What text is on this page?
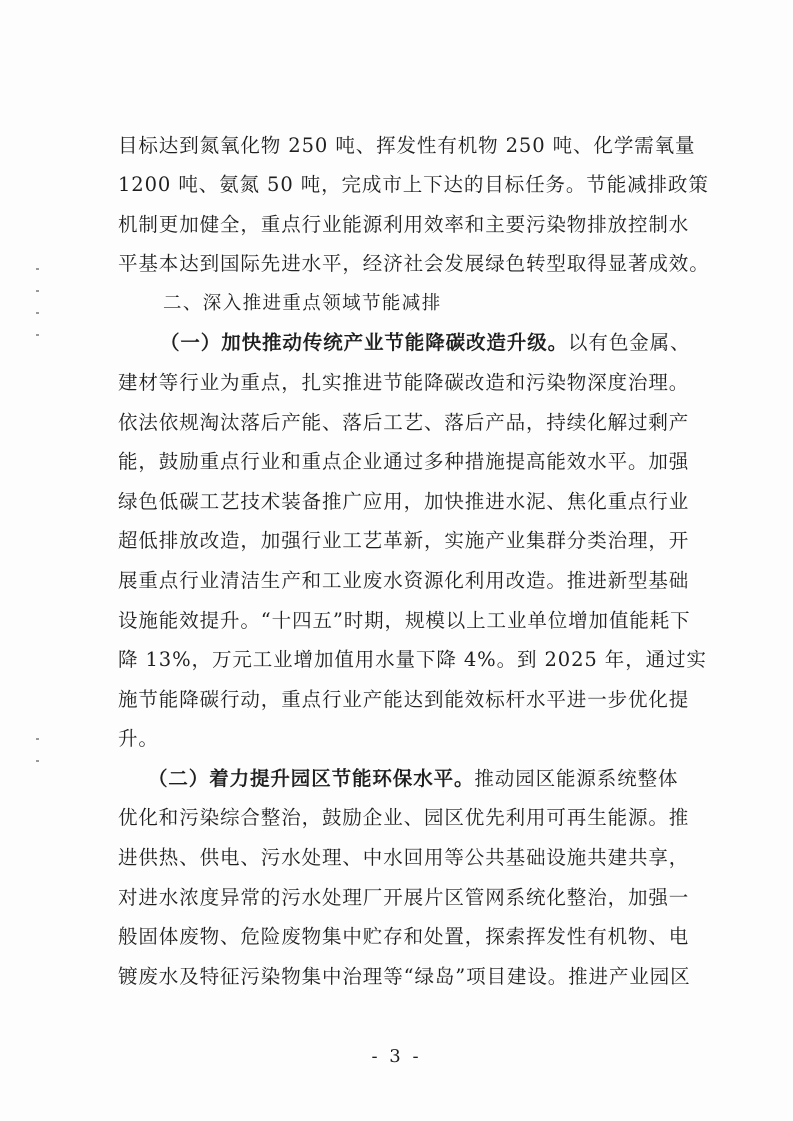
目标达到氮氧化物 250 吨、挥发性有机物 250 吨、化学需氧量
1200 吨、氨氮 50 吨，完成市上下达的目标任务。节能减排政策
机制更加健全，重点行业能源利用效率和主要污染物排放控制水
平基本达到国际先进水平，经济社会发展绿色转型取得显著成效。
二、深入推进重点领域节能减排
（一）加快推动传统产业节能降碳改造升级。以有色金属、
建材等行业为重点，扎实推进节能降碳改造和污染物深度治理。
依法依规淘汰落后产能、落后工艺、落后产品，持续化解过剩产
能，鼓励重点行业和重点企业通过多种措施提高能效水平。加强
绿色低碳工艺技术装备推广应用，加快推进水泥、焦化重点行业
超低排放改造，加强行业工艺革新，实施产业集群分类治理，开
展重点行业清洁生产和工业废水资源化利用改造。推进新型基础
设施能效提升。“十四五”时期，规模以上工业单位增加值能耗下
降 13%，万元工业增加值用水量下降 4%。到 2025 年，通过实
施节能降碳行动，重点行业产能达到能效标杆水平进一步优化提
升。
（二）着力提升园区节能环保水平。推动园区能源系统整体
优化和污染综合整治，鼓励企业、园区优先利用可再生能源。推
进供热、供电、污水处理、中水回用等公共基础设施共建共享，
对进水浓度异常的污水处理厂开展片区管网系统化整治，加强一
般固体废物、危险废物集中贮存和处置，探索挥发性有机物、电
镀废水及特征污染物集中治理等“绿岛”项目建设。推进产业园区
- 3 -
